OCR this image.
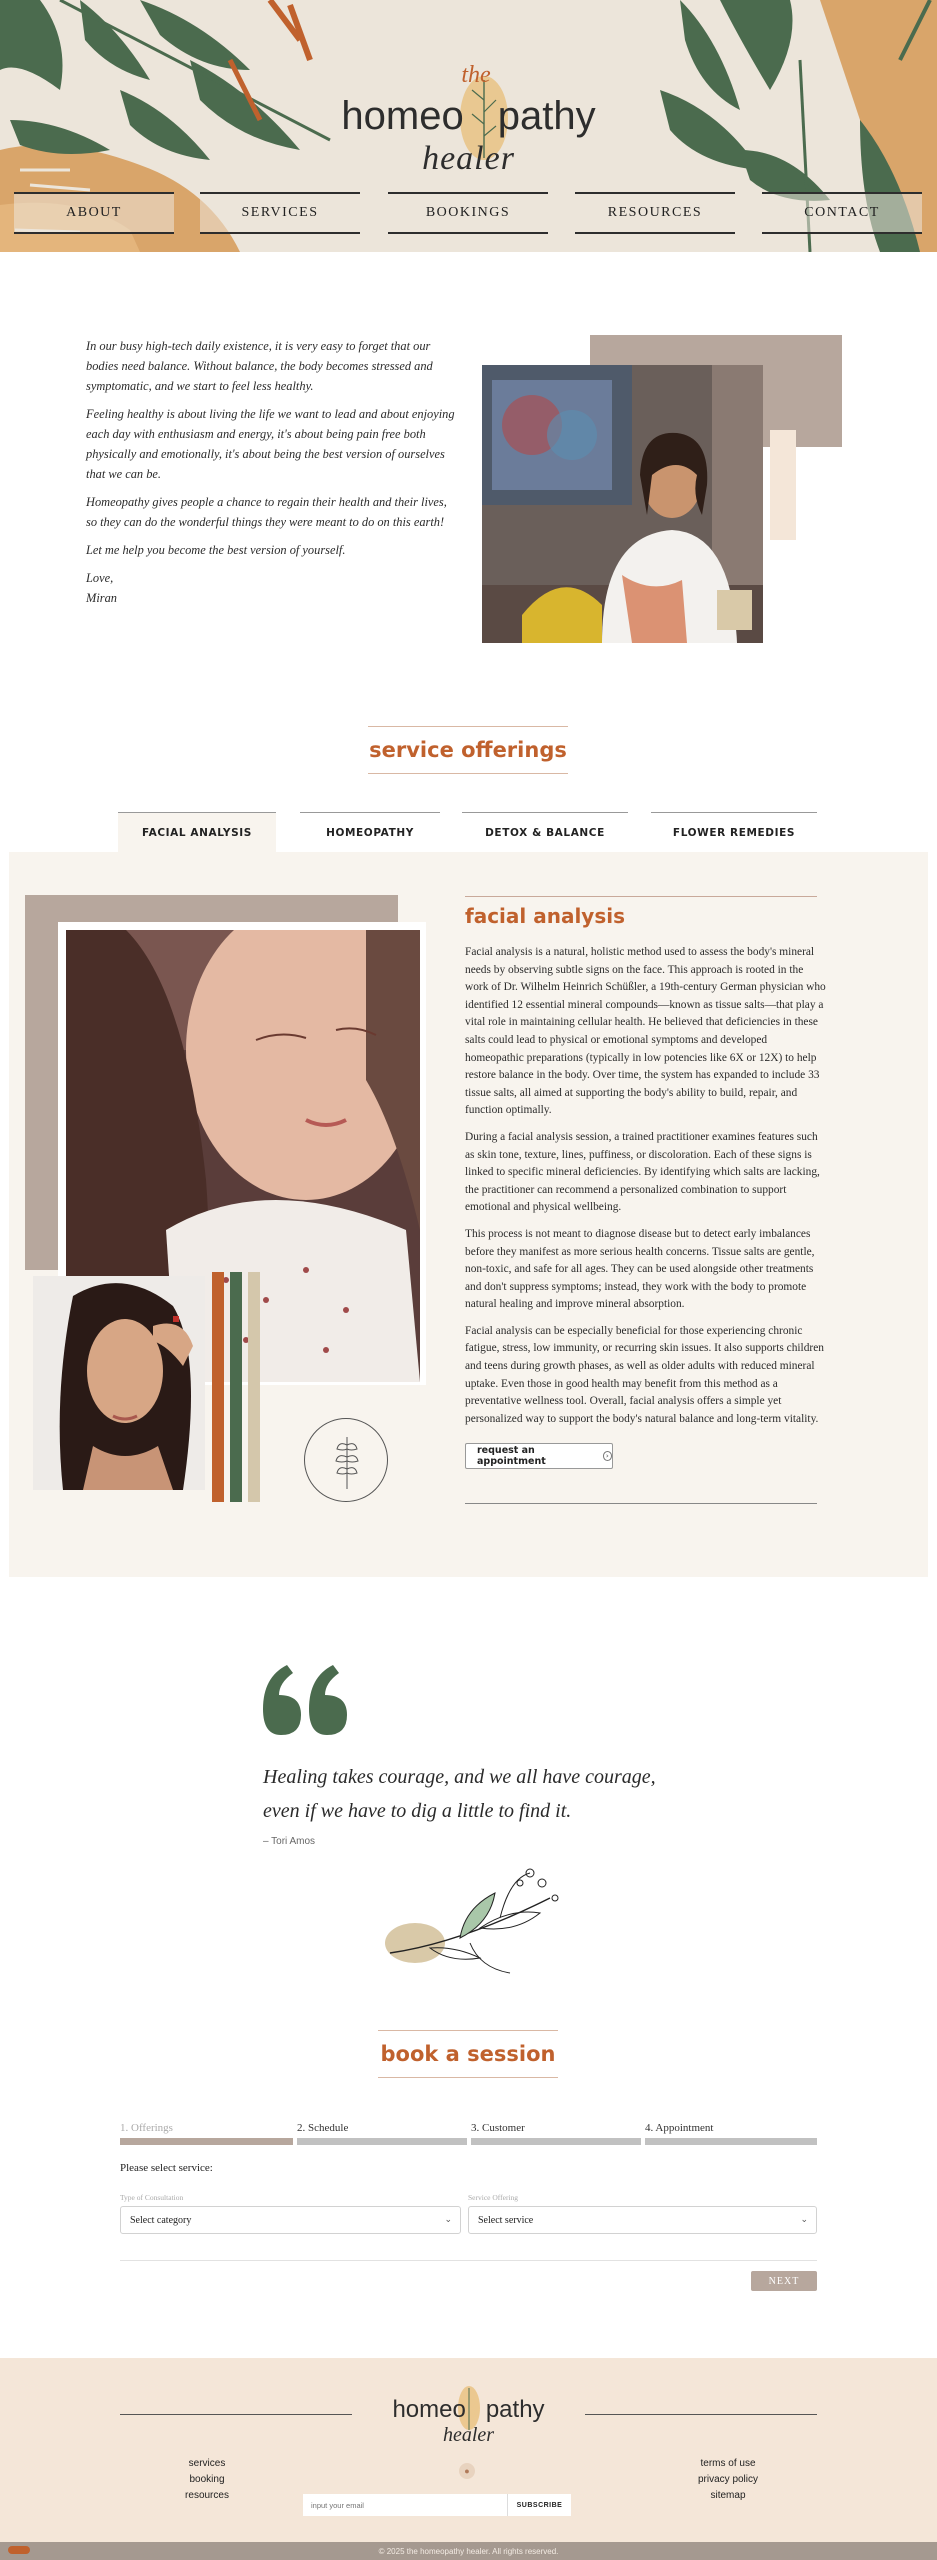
homeo pathy
the
healer
ABOUT	SERVICES	BOOKINGS	RESOURCES	CONTACT

In our busy high-tech daily existence, it is very easy to forget that our bodies need balance. Without balance, the body becomes stressed and symptomatic, and we start to feel less healthy.

Feeling healthy is about living the life we want to lead and about enjoying each day with enthusiasm and energy, it's about being pain free both physically and emotionally, it's about being the best version of ourselves that we can be.

Homeopathy gives people a chance to regain their health and their lives, so they can do the wonderful things they were meant to do on this earth!

Let me help you become the best version of yourself.

Love,

Miran

service offerings
FACIAL ANALYSIS	HOMEOPATHY	DETOX & BALANCE	FLOWER REMEDIES
facial analysis

Facial analysis is a natural, holistic method used to assess the body's mineral needs by observing subtle signs on the face. This approach is rooted in the work of Dr. Wilhelm Heinrich Schüßler, a 19th-century German physician who identified 12 essential mineral compounds—known as tissue salts—that play a vital role in maintaining cellular health. He believed that deficiencies in these salts could lead to physical or emotional symptoms and developed homeopathic preparations (typically in low potencies like 6X or 12X) to help restore balance in the body. Over time, the system has expanded to include 33 tissue salts, all aimed at supporting the body's ability to build, repair, and function optimally.

During a facial analysis session, a trained practitioner examines features such as skin tone, texture, lines, puffiness, or discoloration. Each of these signs is linked to specific mineral deficiencies. By identifying which salts are lacking, the practitioner can recommend a personalized combination to support emotional and physical wellbeing.

This process is not meant to diagnose disease but to detect early imbalances before they manifest as more serious health concerns. Tissue salts are gentle, non-toxic, and safe for all ages. They can be used alongside other treatments and don't suppress symptoms; instead, they work with the body to promote natural healing and improve mineral absorption.

Facial analysis can be especially beneficial for those experiencing chronic fatigue, stress, low immunity, or recurring skin issues. It also supports children and teens during growth phases, as well as older adults with reduced mineral uptake. Even those in good health may benefit from this method as a preventative wellness tool. Overall, facial analysis offers a simple yet personalized way to support the body's natural balance and long-term vitality.

request an appointment	›
Healing takes courage, and we all have courage,
even if we have to dig a little to find it.
– Tori Amos
book a session
1. Offerings	2. Schedule	3. Customer	4. Appointment
Please select service:
Type of Consultation	Service Offering
Select category	⌄	Select service	⌄
NEXT
homeo pathy
healer
services
booking
resources
terms of use
privacy policy
sitemap
●
input your email
SUBSCRIBE
© 2025 the homeopathy healer. All rights reserved.
